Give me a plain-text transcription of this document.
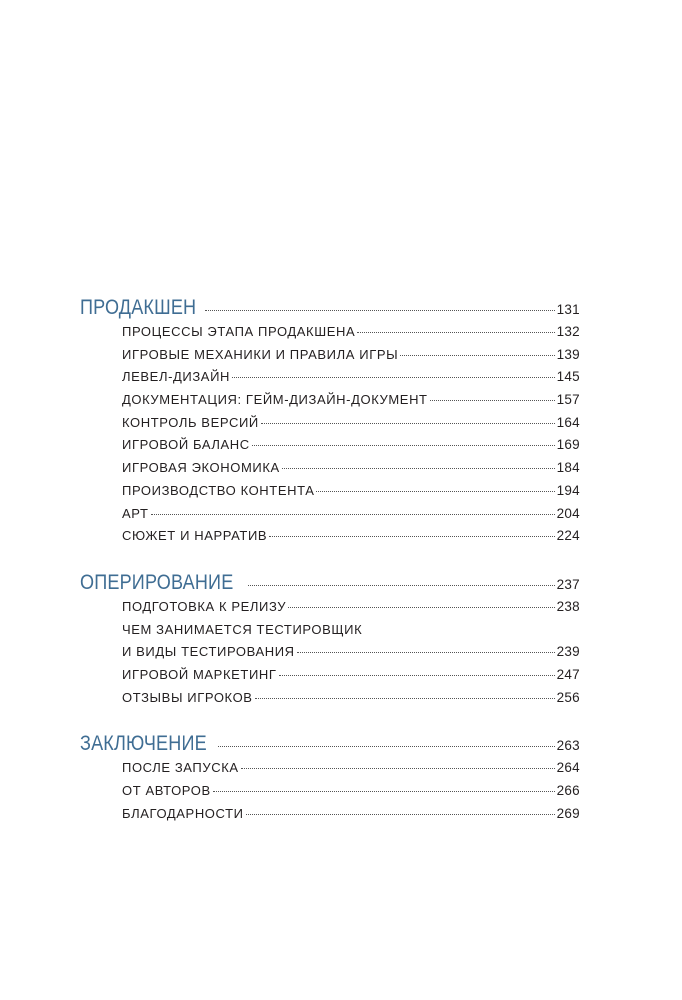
ПРОДАКШЕН	131
ПРОЦЕССЫ ЭТАПА ПРОДАКШЕНА	132
ИГРОВЫЕ МЕХАНИКИ И ПРАВИЛА ИГРЫ	139
ЛЕВЕЛ-ДИЗАЙН	145
ДОКУМЕНТАЦИЯ: ГЕЙМ-ДИЗАЙН-ДОКУМЕНТ	157
КОНТРОЛЬ ВЕРСИЙ	164
ИГРОВОЙ БАЛАНС	169
ИГРОВАЯ ЭКОНОМИКА	184
ПРОИЗВОДСТВО КОНТЕНТА	194
АРТ	204
СЮЖЕТ И НАРРАТИВ	224
ОПЕРИРОВАНИЕ	237
ПОДГОТОВКА К РЕЛИЗУ	238
ЧЕМ ЗАНИМАЕТСЯ ТЕСТИРОВЩИК
И ВИДЫ ТЕСТИРОВАНИЯ	239
ИГРОВОЙ МАРКЕТИНГ	247
ОТЗЫВЫ ИГРОКОВ	256
ЗАКЛЮЧЕНИЕ	263
ПОСЛЕ ЗАПУСКА	264
ОТ АВТОРОВ	266
БЛАГОДАРНОСТИ	269
